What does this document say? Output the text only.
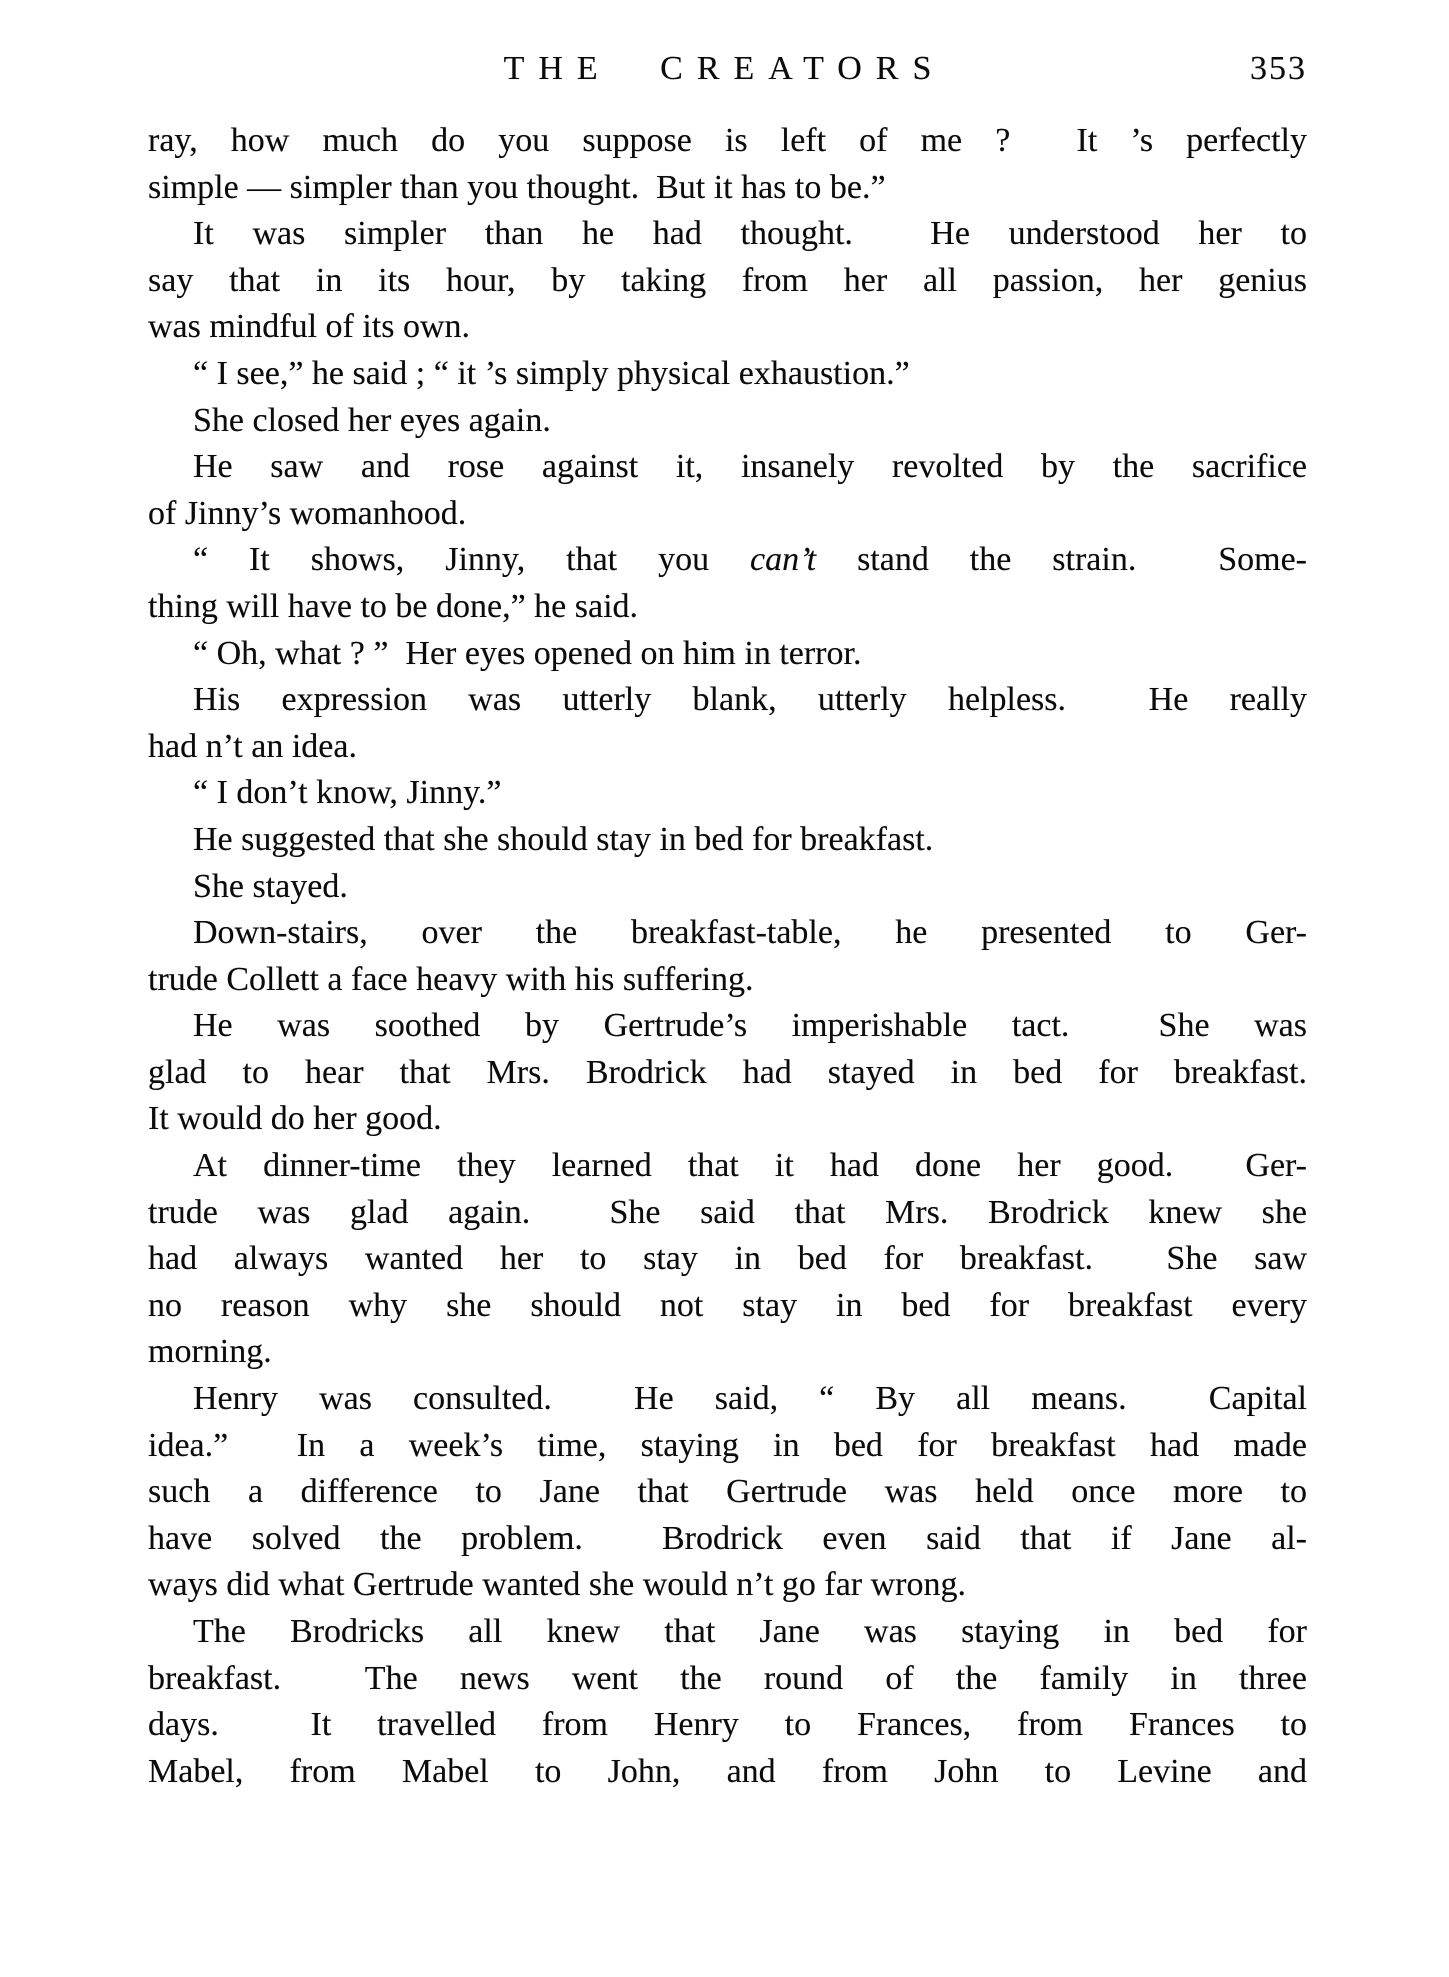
THE CREATORS	353
ray, how much do you suppose is left of me ?  It ’s perfectly
simple — simpler than you thought.  But it has to be.”
It was simpler than he had thought.  He understood her to
say that in its hour, by taking from her all passion, her genius
was mindful of its own.
“ I see,” he said ; “ it ’s simply physical exhaustion.”
She closed her eyes again.
He saw and rose against it, insanely revolted by the sacrifice
of Jinny’s womanhood.
“ It shows, Jinny, that you can’t stand the strain.  Some-
thing will have to be done,” he said.
“ Oh, what ? ”  Her eyes opened on him in terror.
His expression was utterly blank, utterly helpless.  He really
had n’t an idea.
“ I don’t know, Jinny.”
He suggested that she should stay in bed for breakfast.
She stayed.
Down-stairs, over the breakfast-table, he presented to Ger-
trude Collett a face heavy with his suffering.
He was soothed by Gertrude’s imperishable tact.  She was
glad to hear that Mrs. Brodrick had stayed in bed for breakfast.
It would do her good.
At dinner-time they learned that it had done her good.  Ger-
trude was glad again.  She said that Mrs. Brodrick knew she
had always wanted her to stay in bed for breakfast.  She saw
no reason why she should not stay in bed for breakfast every
morning.
Henry was consulted.  He said, “ By all means.  Capital
idea.”  In a week’s time, staying in bed for breakfast had made
such a difference to Jane that Gertrude was held once more to
have solved the problem.  Brodrick even said that if Jane al-
ways did what Gertrude wanted she would n’t go far wrong.
The Brodricks all knew that Jane was staying in bed for
breakfast.  The news went the round of the family in three
days.  It travelled from Henry to Frances, from Frances to
Mabel, from Mabel to John, and from John to Levine and
